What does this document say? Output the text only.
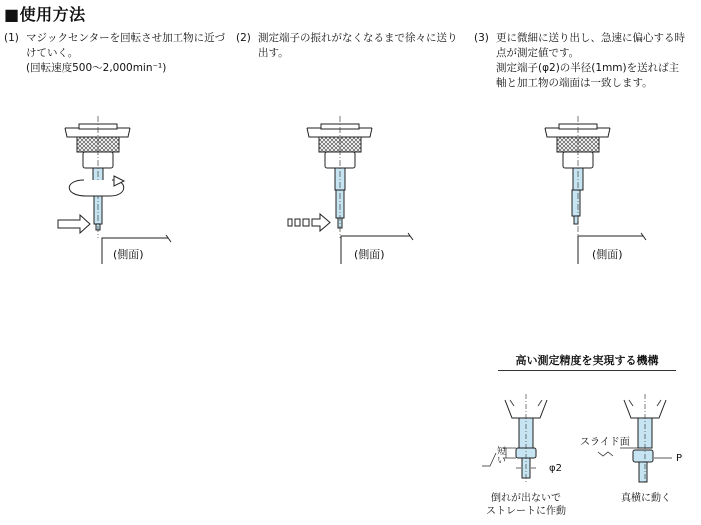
■使用方法
(1) マジックセンターを回転させ加工物に近づ
けていく。
(回転速度500〜2,000min⁻¹)
(2) 測定端子の振れがなくなるまで徐々に送り
出す。
(3) 更に微細に送り出し、急速に偏心する時
点が測定値です。
測定端子(φ2)の半径(1mm)を送れば主
軸と加工物の端面は一致します。
(側面)	(側面)	(側面)
高い測定精度を実現する機構
短い
φ2
スライド面
P
倒れが出ないで
ストレートに作動
真横に動く
